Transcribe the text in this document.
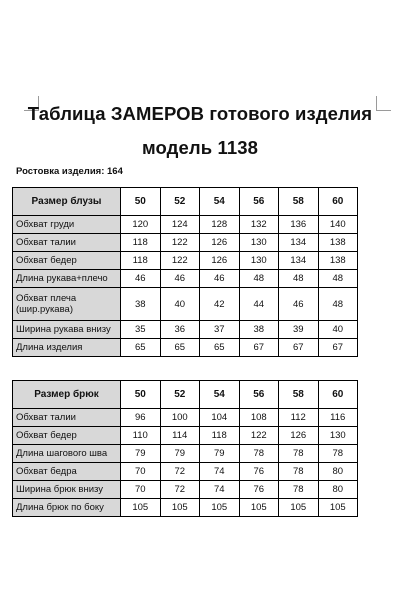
Таблица ЗАМЕРОВ готового изделия
модель 1138
Ростовка изделия: 164
Размер блузы	50	52	54	56	58	60
Обхват груди	120	124	128	132	136	140
Обхват талии	118	122	126	130	134	138
Обхват бедер	118	122	126	130	134	138
Длина рукава+плечо	46	46	46	48	48	48
Обхват плеча (шир.рукава)	38	40	42	44	46	48
Ширина рукава внизу	35	36	37	38	39	40
Длина изделия	65	65	65	67	67	67
Размер брюк	50	52	54	56	58	60
Обхват талии	96	100	104	108	112	116
Обхват бедер	110	114	118	122	126	130
Длина шагового шва	79	79	79	78	78	78
Обхват бедра	70	72	74	76	78	80
Ширина брюк внизу	70	72	74	76	78	80
Длина брюк по боку	105	105	105	105	105	105
